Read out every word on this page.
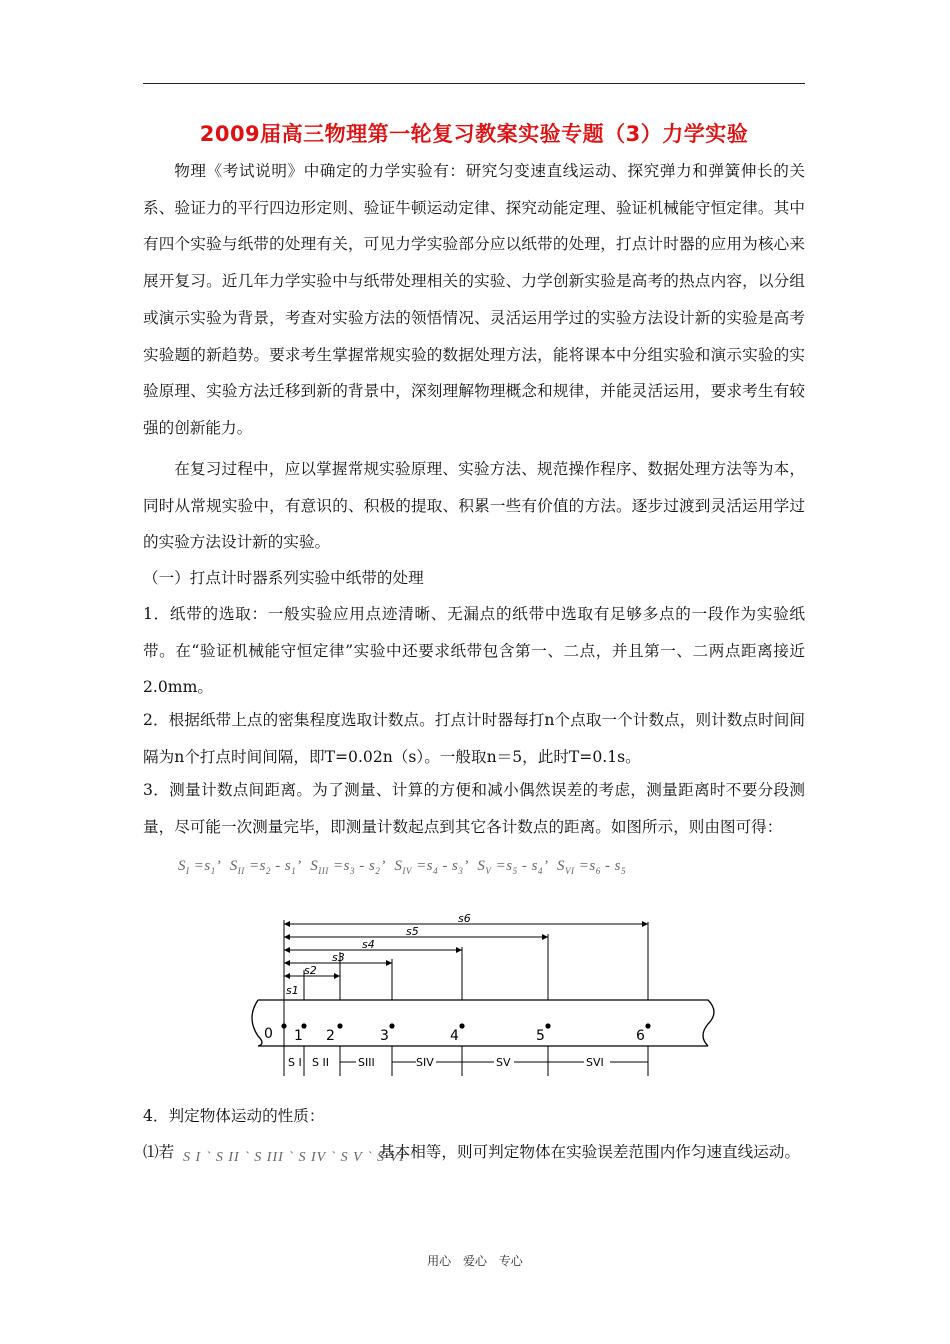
2009届高三物理第一轮复习教案实验专题（3）力学实验
物理《考试说明》中确定的力学实验有：研究匀变速直线运动、探究弹力和弹簧伸长的关系、验证力的平行四边形定则、验证牛顿运动定律、探究动能定理、验证机械能守恒定律。其中有四个实验与纸带的处理有关，可见力学实验部分应以纸带的处理，打点计时器的应用为核心来展开复习。近几年力学实验中与纸带处理相关的实验、力学创新实验是高考的热点内容，以分组或演示实验为背景，考查对实验方法的领悟情况、灵活运用学过的实验方法设计新的实验是高考实验题的新趋势。要求考生掌握常规实验的数据处理方法，能将课本中分组实验和演示实验的实验原理、实验方法迁移到新的背景中，深刻理解物理概念和规律，并能灵活运用，要求考生有较强的创新能力。
在复习过程中，应以掌握常规实验原理、实验方法、规范操作程序、数据处理方法等为本，同时从常规实验中，有意识的、积极的提取、积累一些有价值的方法。逐步过渡到灵活运用学过的实验方法设计新的实验。
（一）打点计时器系列实验中纸带的处理
1．纸带的选取：一般实验应用点迹清晰、无漏点的纸带中选取有足够多点的一段作为实验纸带。在“验证机械能守恒定律”实验中还要求纸带包含第一、二点，并且第一、二两点距离接近2.0mm。
2．根据纸带上点的密集程度选取计数点。打点计时器每打n个点取一个计数点，则计数点时间间隔为n个打点时间间隔，即T=0.02n（s）。一般取n＝5，此时T=0.1s。
3．测量计数点间距离。为了测量、计算的方便和减小偶然误差的考虑，测量距离时不要分段测量，尽可能一次测量完毕，即测量计数起点到其它各计数点的距离。如图所示，则由图可得：
$S_I =s_1$’  $S_{II} =s_2 - s_1$’  $S_{III} =s_3 - s_2$’  $S_{IV} =s_4 - s_3$’  $S_V =s_5 - s_4$’  $S_{VI} =s_6 - s_5$
0 1 2	3	4	5	6
s1
s2
s3
s4
s5
s6
S I S II	SIII	SIV	SV	SVI
4．判定物体运动的性质：
⑴若 S I ` S II ` S III ` S IV ` S V ` S VI
基本相等，则可判定物体在实验误差范围内作匀速直线运动。
用心 爱心 专心
